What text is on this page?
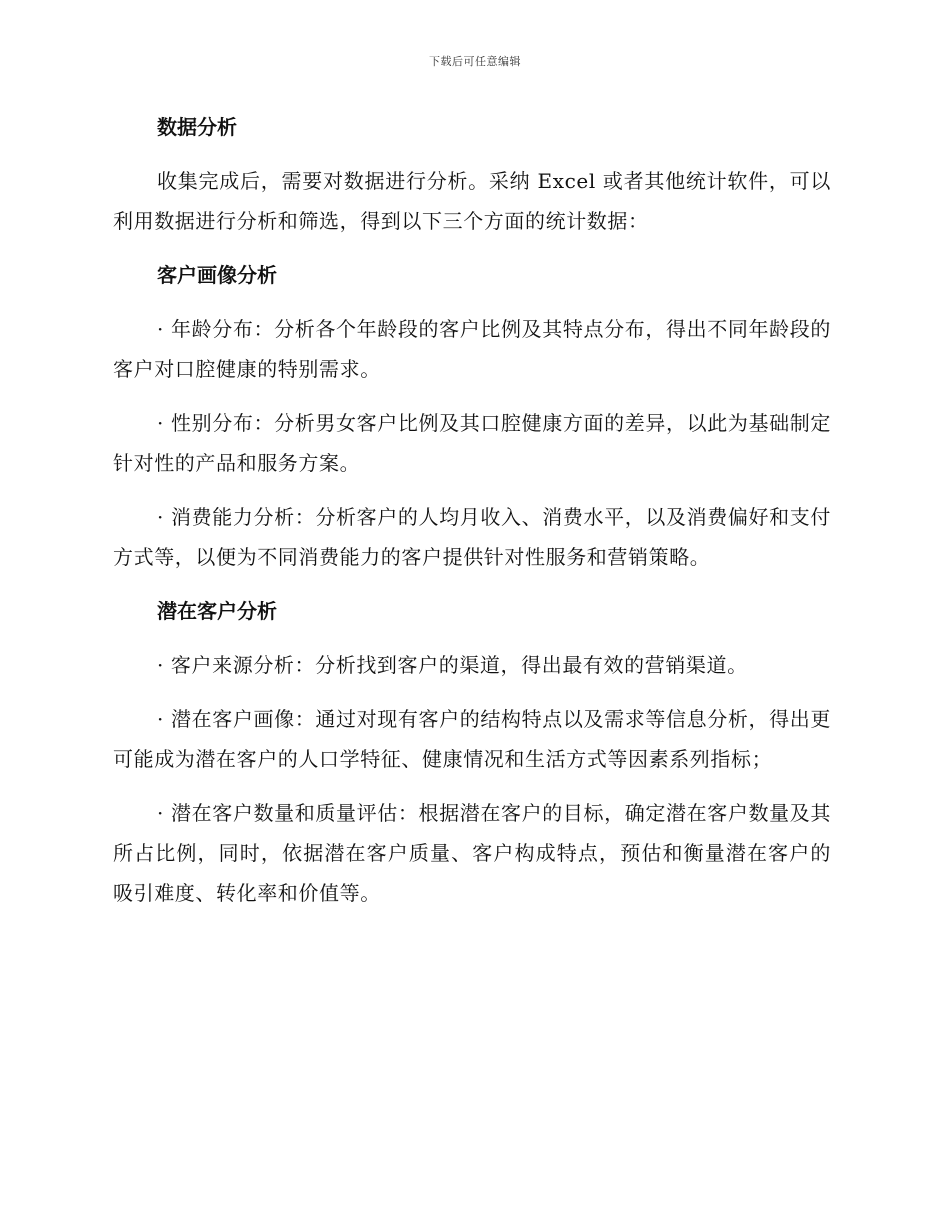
下载后可任意编辑
数据分析

收集完成后，需要对数据进行分析。采纳 Excel 或者其他统计软件，可以利用数据进行分析和筛选，得到以下三个方面的统计数据：

客户画像分析

· 年龄分布：分析各个年龄段的客户比例及其特点分布，得出不同年龄段的客户对口腔健康的特别需求。

· 性别分布：分析男女客户比例及其口腔健康方面的差异，以此为基础制定针对性的产品和服务方案。

· 消费能力分析：分析客户的人均月收入、消费水平，以及消费偏好和支付方式等，以便为不同消费能力的客户提供针对性服务和营销策略。

潜在客户分析

· 客户来源分析：分析找到客户的渠道，得出最有效的营销渠道。

· 潜在客户画像：通过对现有客户的结构特点以及需求等信息分析，得出更可能成为潜在客户的人口学特征、健康情况和生活方式等因素系列指标；

· 潜在客户数量和质量评估：根据潜在客户的目标，确定潜在客户数量及其所占比例，同时，依据潜在客户质量、客户构成特点，预估和衡量潜在客户的吸引难度、转化率和价值等。
